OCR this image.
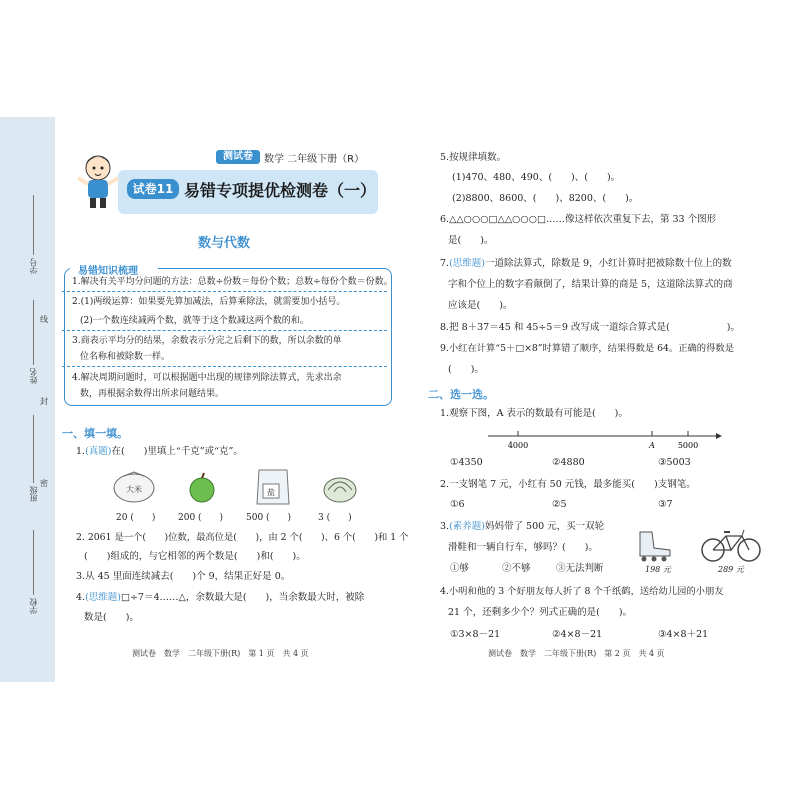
学号
姓名
班级
学校
线
封
密
测试卷	数学 二年级下册（R）
试卷11 易错专项提优检测卷（一）
数与代数
易错知识梳理
1.解决有关平均分问题的方法：总数÷份数＝每份个数；总数÷每份个数＝份数。
2.(1)两级运算：如果要先算加减法，后算乘除法，就需要加小括号。
(2)一个数连续减两个数，就等于这个数减这两个数的和。
3.商表示平均分的结果，余数表示分完之后剩下的数，所以余数的单
位名称和被除数一样。
4.解决周期问题时，可以根据题中出现的规律列除法算式，先求出余
数，再根据余数得出所求问题结果。
一、填一填。
1.(真题)在(　　)里填上“千克”或“克”。
大米	盐
20 (　　)	200 (　　)	500 (　　)	3 (　　)
2. 2061 是一个(　　)位数，最高位是(　　)，由 2 个(　　)、6 个(　　)和 1 个
(　　)组成的，与它相邻的两个数是(　　)和(　　)。
3.从 45 里面连续减去(　　)个 9，结果正好是 0。
4.(思维题)□÷7＝4……△，余数最大是(　　)，当余数最大时，被除
数是(　　)。
测试卷　数学　二年级下册(R)　第 1 页　共 4 页
5.按规律填数。
(1)470、480、490、(　　)、(　　)。
(2)8800、8600、(　　)、8200、(　　)。
6.△△○○○□△△○○○□……像这样依次重复下去，第 33 个图形
是(　　)。
7.(思维题)一道除法算式，除数是 9，小红计算时把被除数十位上的数
字和个位上的数字看颠倒了，结果计算的商是 5，这道除法算式的商
应该是(　　)。
8.把 8＋37＝45 和 45÷5＝9 改写成一道综合算式是(　　　　　　)。
9.小红在计算“5＋□×8”时算错了顺序，结果得数是 64。正确的得数是
(　　)。
二、选一选。
1.观察下图，A 表示的数最有可能是(　　)。
4000	A	5000
①4350	②4880	③5003
2.一支钢笔 7 元，小红有 50 元钱，最多能买(　　)支钢笔。
①6	②5	③7
3.(素养题)妈妈带了 500 元，买一双轮
滑鞋和一辆自行车，够吗？(　　)。
①够	②不够	③无法判断	198 元	289 元
4.小明和他的 3 个好朋友每人折了 8 个千纸鹤，送给幼儿园的小朋友
21 个，还剩多少个？列式正确的是(　　)。
①3×8－21	②4×8－21	③4×8＋21
测试卷　数学　二年级下册(R)　第 2 页　共 4 页
